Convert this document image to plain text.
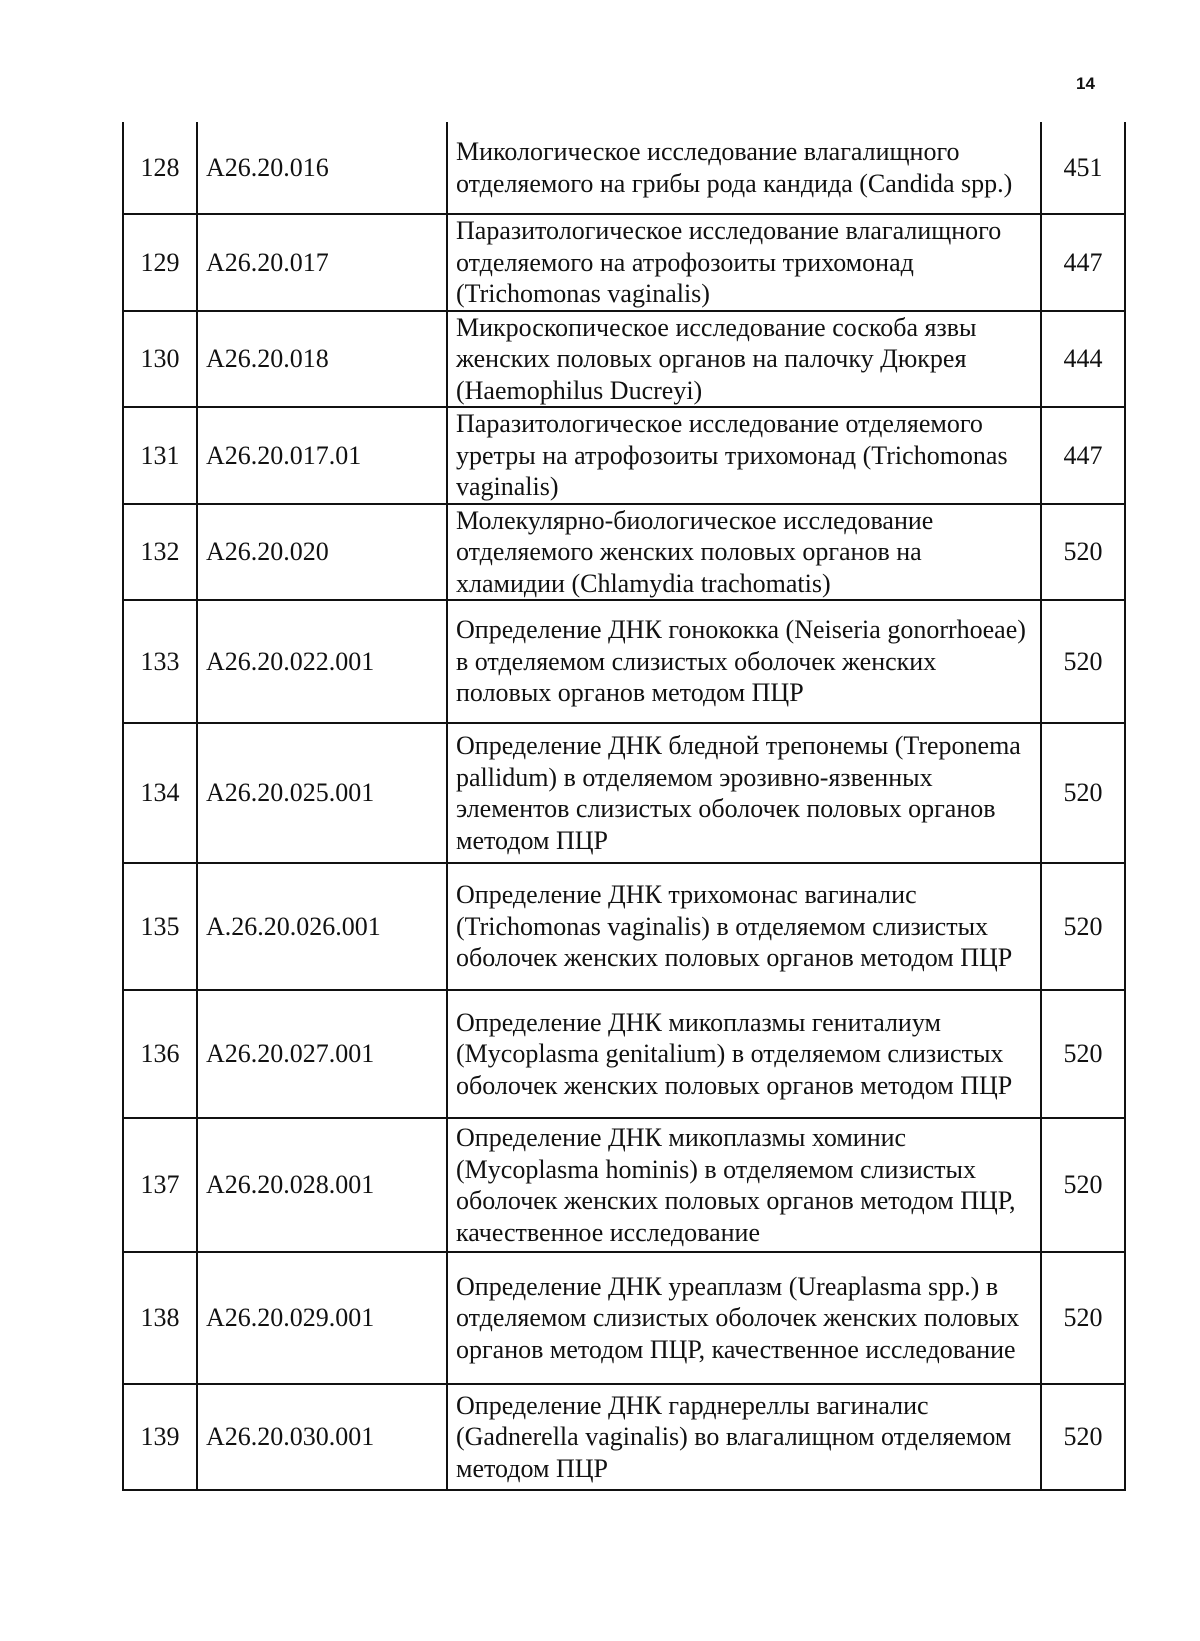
14
128	A26.20.016	Микологическое исследование влагалищного отделяемого на грибы рода кандида (Candida spp.)	451
129	A26.20.017	Паразитологическое исследование влагалищного отделяемого на атрофозоиты трихомонад (Trichomonas vaginalis)	447
130	A26.20.018	Микроскопическое исследование соскоба язвы женских половых органов на палочку Дюкрея (Haemophilus Ducreyi)	444
131	A26.20.017.01	Паразитологическое исследование отделяемого уретры на атрофозоиты трихомонад (Trichomonas vaginalis)	447
132	A26.20.020	Молекулярно-биологическое исследование отделяемого женских половых органов на хламидии (Chlamydia trachomatis)	520
133	A26.20.022.001	Определение ДНК гонококка (Neiseria gonorrhoeae) в отделяемом слизистых оболочек женских половых органов методом ПЦР	520
134	A26.20.025.001	Определение ДНК бледной трепонемы (Treponema pallidum) в отделяемом эрозивно-язвенных элементов слизистых оболочек половых органов методом ПЦР	520
135	A.26.20.026.001	Определение ДНК трихомонас вагиналис (Trichomonas vaginalis) в отделяемом слизистых оболочек женских половых органов методом ПЦР	520
136	A26.20.027.001	Определение ДНК микоплазмы гениталиум (Mycoplasma genitalium) в отделяемом слизистых оболочек женских половых органов методом ПЦР	520
137	A26.20.028.001	Определение ДНК микоплазмы хоминис (Mycoplasma hominis) в отделяемом слизистых оболочек женских половых органов методом ПЦР, качественное исследование	520
138	A26.20.029.001	Определение ДНК уреаплазм (Ureaplasma spp.) в отделяемом слизистых оболочек женских половых органов методом ПЦР, качественное исследование	520
139	A26.20.030.001	Определение ДНК гарднереллы вагиналис (Gadnerella vaginalis) во влагалищном отделяемом методом ПЦР	520
